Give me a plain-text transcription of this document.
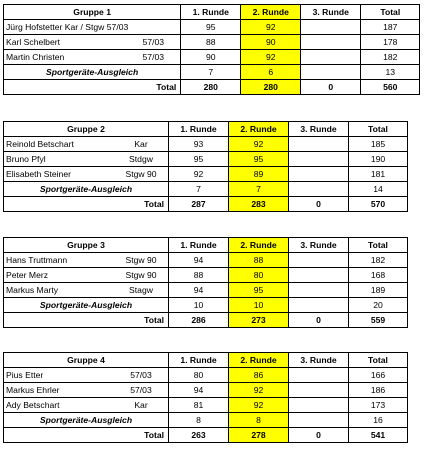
Gruppe 1	1. Runde	2. Runde	3. Runde	Total

Jürg Hofstetter Kar / Stgw 57/03	95	92		187

Karl Schelbert 57/03	88	90		178

Martin Christen 57/03	90	92		182
Sportgeräte-Ausgleich	7	6		13
Total	280	280	0	560
Gruppe 2	1. Runde	2. Runde	3. Runde	Total

Reinold Betschart Kar	93	92		185

Bruno Pfyl Stdgw	95	95		190

Elisabeth Steiner Stgw 90	92	89		181
Sportgeräte-Ausgleich	7	7		14
Total	287	283	0	570
Gruppe 3	1. Runde	2. Runde	3. Runde	Total

Hans Truttmann Stgw 90	94	88		182

Peter Merz Stgw 90	88	80		168

Markus Marty Stagw	94	95		189
Sportgeräte-Ausgleich	10	10		20
Total	286	273	0	559
Gruppe 4	1. Runde	2. Runde	3. Runde	Total

Pius Etter 57/03	80	86		166

Markus Ehrler 57/03	94	92		186

Ady Betschart Kar	81	92		173
Sportgeräte-Ausgleich	8	8		16
Total	263	278	0	541
